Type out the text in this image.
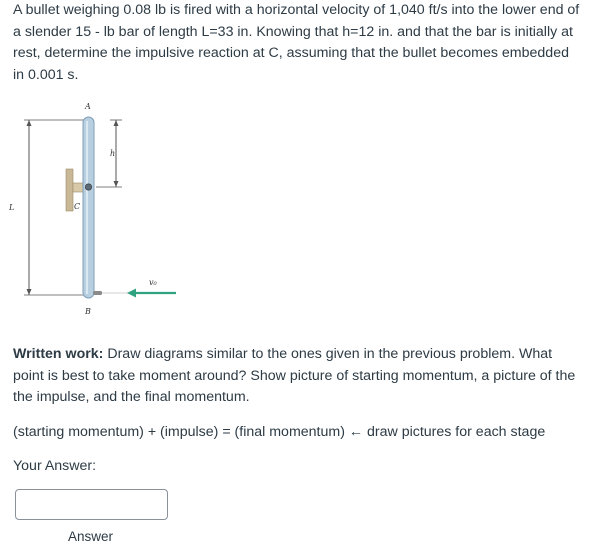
A bullet weighing 0.08 lb is fired with a horizontal velocity of 1,040 ft/s into the lower end of a slender 15 - lb bar of length L=33 in. Knowing that h=12 in. and that the bar is initially at rest, determine the impulsive reaction at C, assuming that the bullet becomes embedded in 0.001 s.
A
B
C
L
h
v₀
Written work: Draw diagrams similar to the ones given in the previous problem. What point is best to take moment around? Show picture of starting momentum, a picture of the the impulse, and the final momentum.
(starting momentum) + (impulse) = (final momentum) ← draw pictures for each stage
Your Answer:
Answer
